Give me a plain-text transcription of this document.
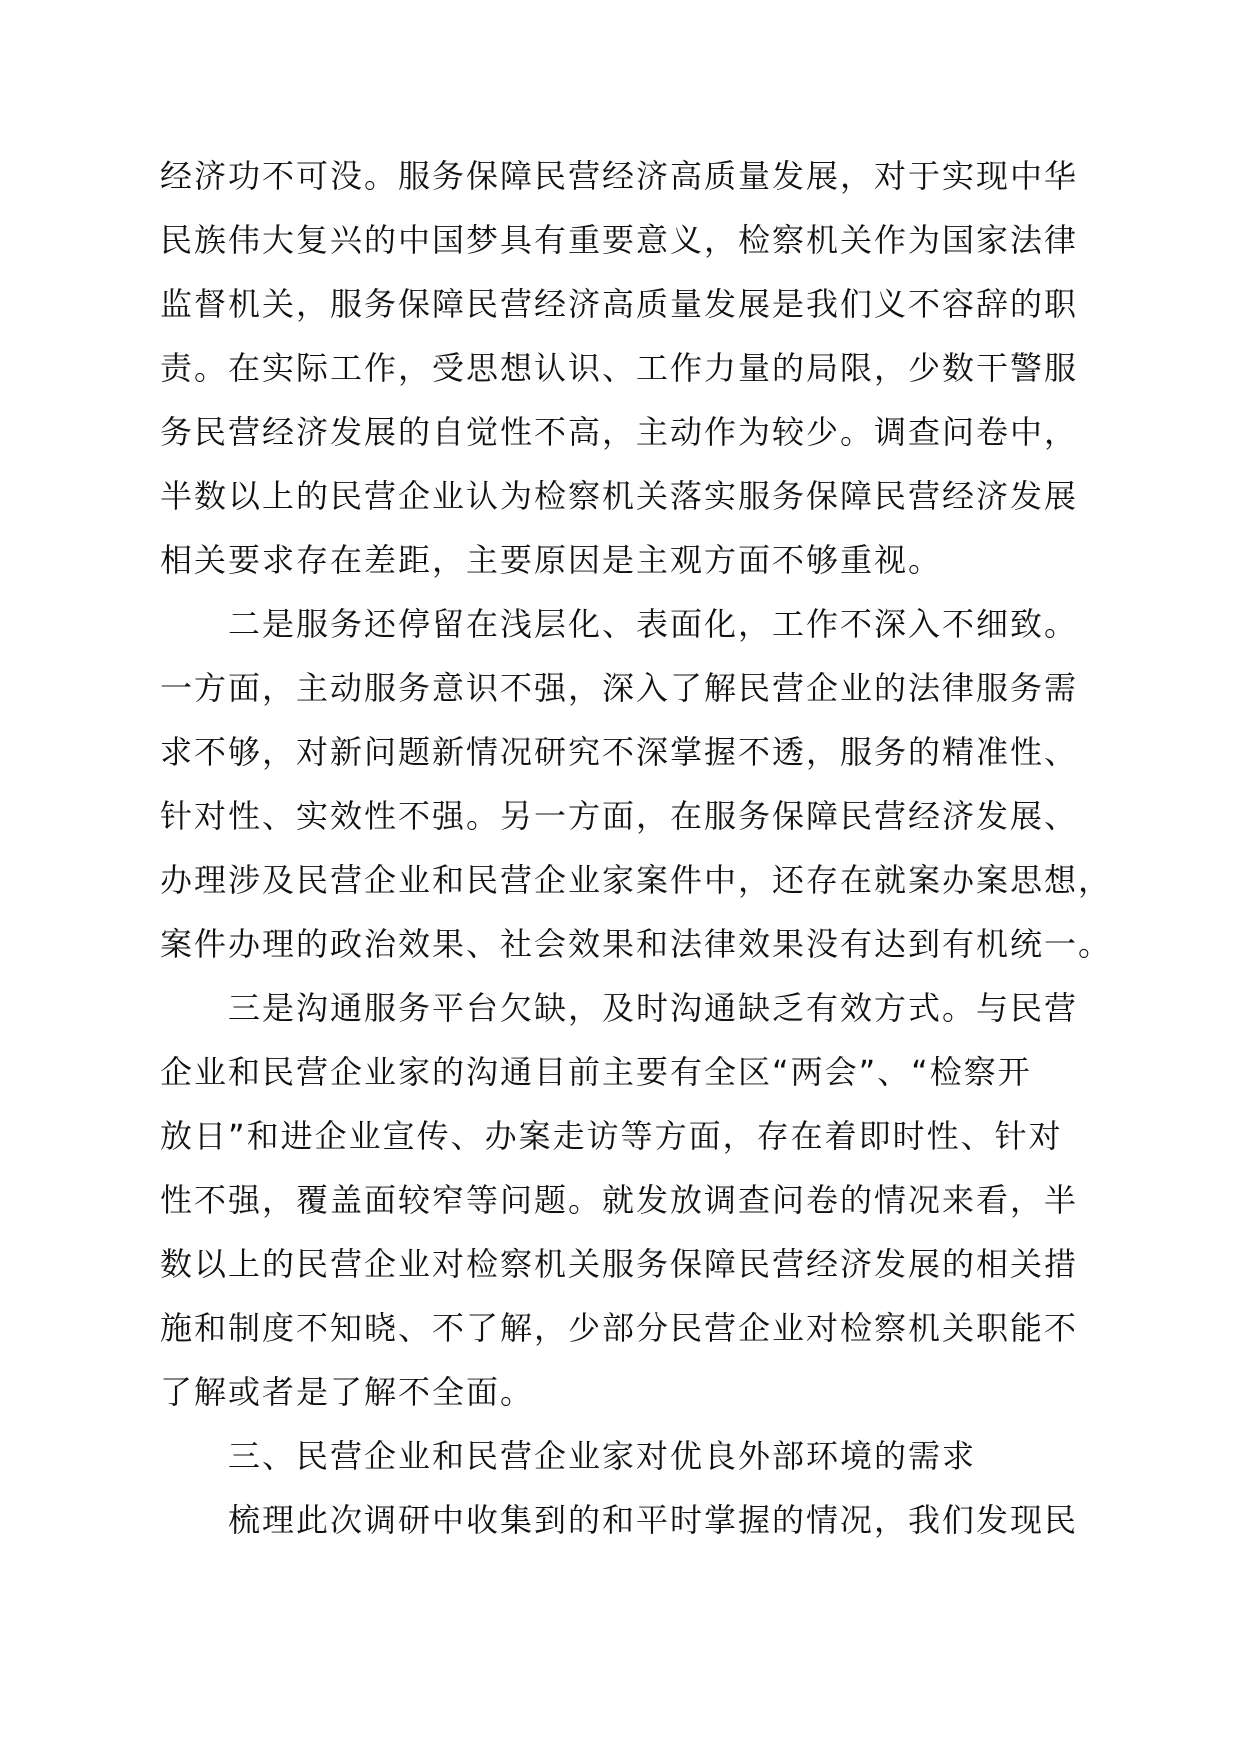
经济功不可没。服务保障民营经济高质量发展，对于实现中华

民族伟大复兴的中国梦具有重要意义，检察机关作为国家法律

监督机关，服务保障民营经济高质量发展是我们义不容辞的职

责。在实际工作，受思想认识、工作力量的局限，少数干警服

务民营经济发展的自觉性不高，主动作为较少。调查问卷中，

半数以上的民营企业认为检察机关落实服务保障民营经济发展

相关要求存在差距，主要原因是主观方面不够重视。

　　二是服务还停留在浅层化、表面化，工作不深入不细致。

一方面，主动服务意识不强，深入了解民营企业的法律服务需

求不够，对新问题新情况研究不深掌握不透，服务的精准性、

针对性、实效性不强。另一方面，在服务保障民营经济发展、

办理涉及民营企业和民营企业家案件中，还存在就案办案思想，

案件办理的政治效果、社会效果和法律效果没有达到有机统一。

　　三是沟通服务平台欠缺，及时沟通缺乏有效方式。与民营

企业和民营企业家的沟通目前主要有全区“两会”、“检察开

放日”和进企业宣传、办案走访等方面，存在着即时性、针对

性不强，覆盖面较窄等问题。就发放调查问卷的情况来看，半

数以上的民营企业对检察机关服务保障民营经济发展的相关措

施和制度不知晓、不了解，少部分民营企业对检察机关职能不

了解或者是了解不全面。

　　三、民营企业和民营企业家对优良外部环境的需求

　　梳理此次调研中收集到的和平时掌握的情况，我们发现民
